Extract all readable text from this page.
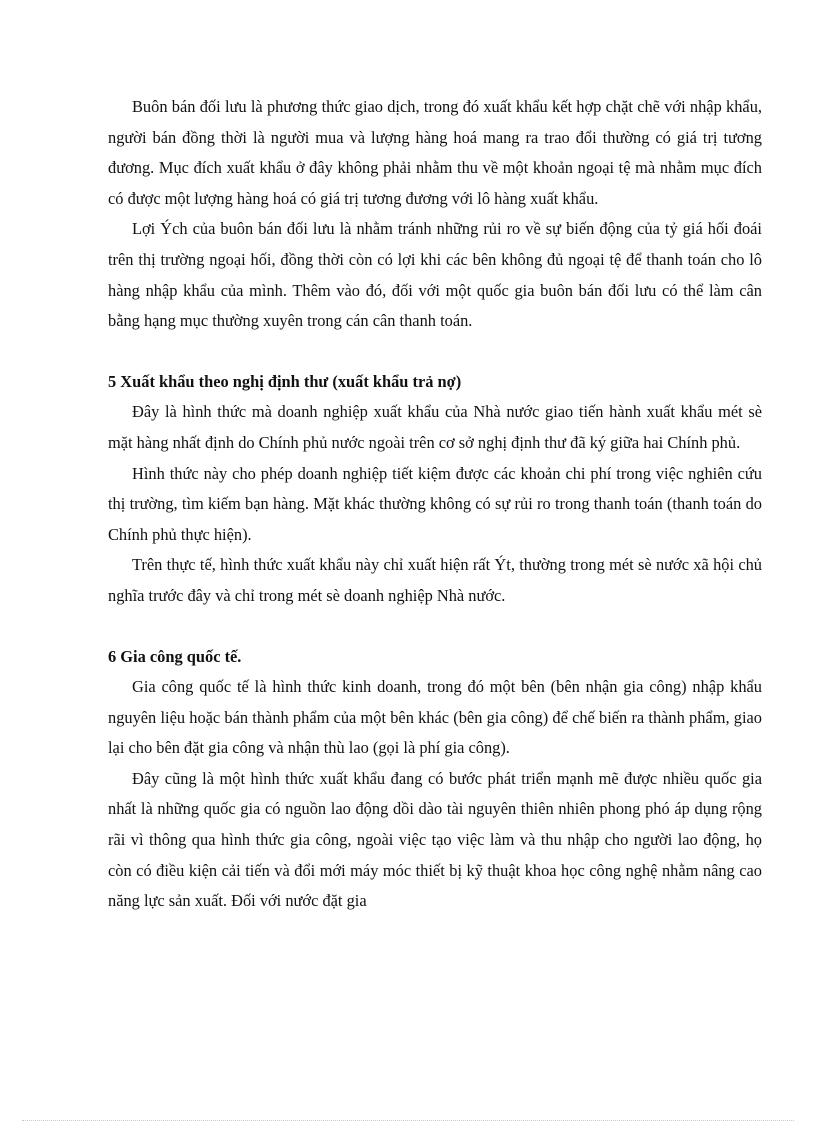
Buôn bán đối lưu là phương thức giao dịch, trong đó xuất khẩu kết hợp chặt chẽ với nhập khẩu, người bán đồng thời là người mua và lượng hàng hoá mang ra trao đổi thường có giá trị tương đương. Mục đích xuất khẩu ở đây không phải nhằm thu về một khoản ngoại tệ mà nhằm mục đích có được một lượng hàng hoá có giá trị tương đương với lô hàng xuất khẩu.

Lợi Ých của buôn bán đối lưu là nhằm tránh những rủi ro về sự biến động của tỷ giá hối đoái trên thị trường ngoại hối, đồng thời còn có lợi khi các bên không đủ ngoại tệ để thanh toán cho lô hàng nhập khẩu của mình. Thêm vào đó, đối với một quốc gia buôn bán đối lưu có thể làm cân bằng hạng mục thường xuyên trong cán cân thanh toán.

5 Xuất khẩu theo nghị định thư (xuất khẩu trả nợ)

Đây là hình thức mà doanh nghiệp xuất khẩu của Nhà nước giao tiến hành xuất khẩu mét sè mặt hàng nhất định do Chính phủ nước ngoài trên cơ sở nghị định thư đã ký giữa hai Chính phủ.

Hình thức này cho phép doanh nghiệp tiết kiệm được các khoản chi phí trong việc nghiên cứu thị trường, tìm kiếm bạn hàng. Mặt khác thường không có sự rủi ro trong thanh toán (thanh toán do Chính phủ thực hiện).

Trên thực tế, hình thức xuất khẩu này chỉ xuất hiện rất Ýt, thường trong mét sè nước xã hội chủ nghĩa trước đây và chỉ trong mét sè doanh nghiệp Nhà nước.

6 Gia công quốc tế.

Gia công quốc tế là hình thức kinh doanh, trong đó một bên (bên nhận gia công) nhập khẩu nguyên liệu hoặc bán thành phẩm của một bên khác (bên gia công) để chế biến ra thành phẩm, giao lại cho bên đặt gia công và nhận thù lao (gọi là phí gia công).

Đây cũng là một hình thức xuất khẩu đang có bước phát triển mạnh mẽ được nhiều quốc gia nhất là những quốc gia có nguồn lao động dồi dào tài nguyên thiên nhiên phong phó áp dụng rộng rãi vì thông qua hình thức gia công, ngoài việc tạo việc làm và thu nhập cho người lao động, họ còn có điều kiện cải tiến và đổi mới máy móc thiết bị kỹ thuật khoa học công nghệ nhằm nâng cao năng lực sản xuất. Đối với nước đặt gia
